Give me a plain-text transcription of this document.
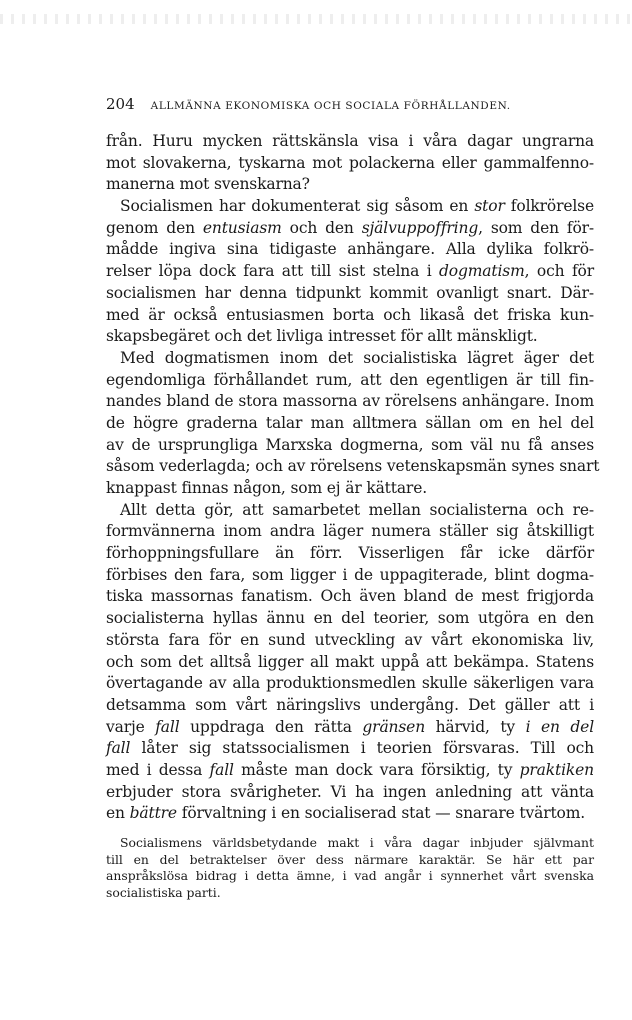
204 ALLMÄNNA EKONOMISKA OCH SOCIALA FÖRHÅLLANDEN.
från. Huru mycken rättskänsla visa i våra dagar ungrarna
mot slovakerna, tyskarna mot polackerna eller gammalfenno-
manerna mot svenskarna?
Socialismen har dokumenterat sig såsom en stor folkrörelse
genom den entusiasm och den självuppoffring, som den för-
mådde ingiva sina tidigaste anhängare. Alla dylika folkrö-
relser löpa dock fara att till sist stelna i dogmatism, och för
socialismen har denna tidpunkt kommit ovanligt snart. Där-
med är också entusiasmen borta och likaså det friska kun-
skapsbegäret och det livliga intresset för allt mänskligt.
Med dogmatismen inom det socialistiska lägret äger det
egendomliga förhållandet rum, att den egentligen är till fin-
nandes bland de stora massorna av rörelsens anhängare. Inom
de högre graderna talar man alltmera sällan om en hel del
av de ursprungliga Marxska dogmerna, som väl nu få anses
såsom vederlagda; och av rörelsens vetenskapsmän synes snart
knappast finnas någon, som ej är kättare.
Allt detta gör, att samarbetet mellan socialisterna och re-
formvännerna inom andra läger numera ställer sig åtskilligt
förhoppningsfullare än förr. Visserligen får icke därför
förbises den fara, som ligger i de uppagiterade, blint dogma-
tiska massornas fanatism. Och även bland de mest frigjorda
socialisterna hyllas ännu en del teorier, som utgöra en den
största fara för en sund utveckling av vårt ekonomiska liv,
och som det alltså ligger all makt uppå att bekämpa. Statens
övertagande av alla produktionsmedlen skulle säkerligen vara
detsamma som vårt näringslivs undergång. Det gäller att i
varje fall uppdraga den rätta gränsen härvid, ty i en del
fall låter sig statssocialismen i teorien försvaras. Till och
med i dessa fall måste man dock vara försiktig, ty praktiken
erbjuder stora svårigheter. Vi ha ingen anledning att vänta
en bättre förvaltning i en socialiserad stat — snarare tvärtom.
Socialismens världsbetydande makt i våra dagar inbjuder självmant
till en del betraktelser över dess närmare karaktär. Se här ett par
anspråkslösa bidrag i detta ämne, i vad angår i synnerhet vårt svenska
socialistiska parti.
